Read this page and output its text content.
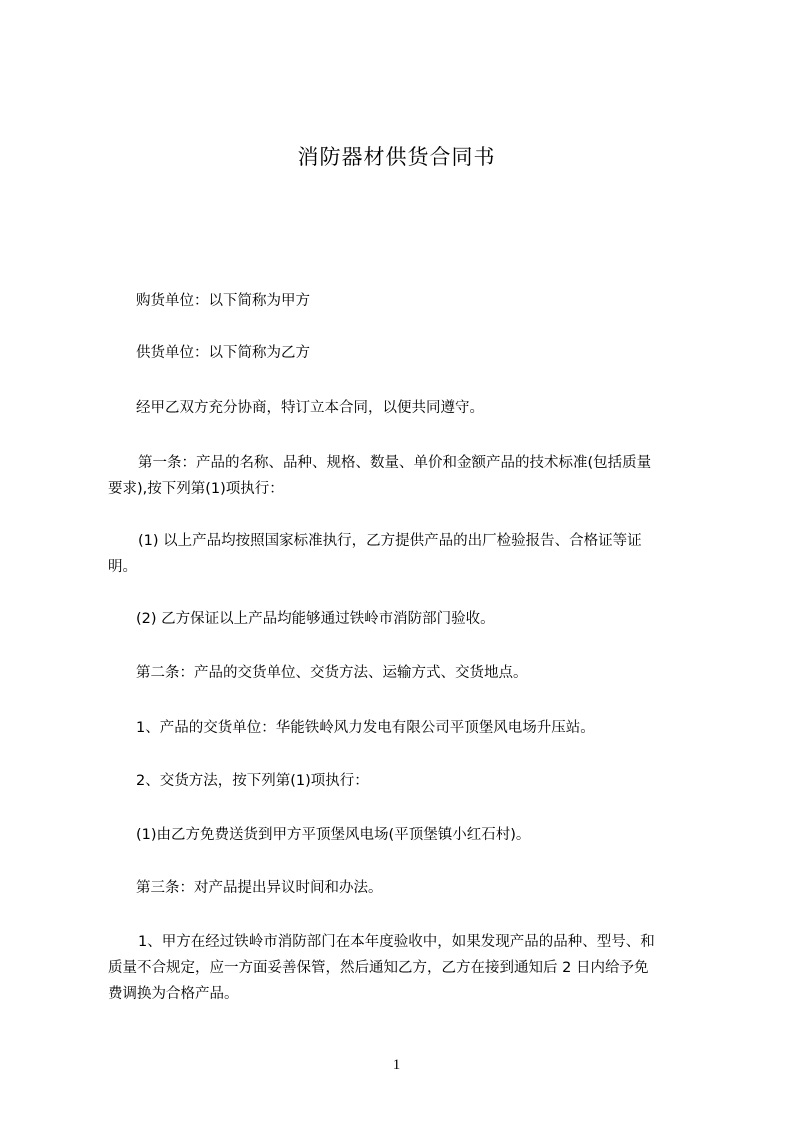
消防器材供货合同书
购货单位：以下简称为甲方
供货单位：以下简称为乙方
经甲乙双方充分协商，特订立本合同，以便共同遵守。
第一条：产品的名称、品种、规格、数量、单价和金额产品的技术标准(包括质量
要求),按下列第(1)项执行：
(1) 以上产品均按照国家标准执行，乙方提供产品的出厂检验报告、合格证等证
明。
(2) 乙方保证以上产品均能够通过铁岭市消防部门验收。
第二条：产品的交货单位、交货方法、运输方式、交货地点。
1、产品的交货单位：华能铁岭风力发电有限公司平顶堡风电场升压站。
2、交货方法，按下列第(1)项执行：
(1)由乙方免费送货到甲方平顶堡风电场(平顶堡镇小红石村)。
第三条：对产品提出异议时间和办法。
1、甲方在经过铁岭市消防部门在本年度验收中，如果发现产品的品种、型号、和
质量不合规定，应一方面妥善保管，然后通知乙方，乙方在接到通知后 2 日内给予免
费调换为合格产品。
1
